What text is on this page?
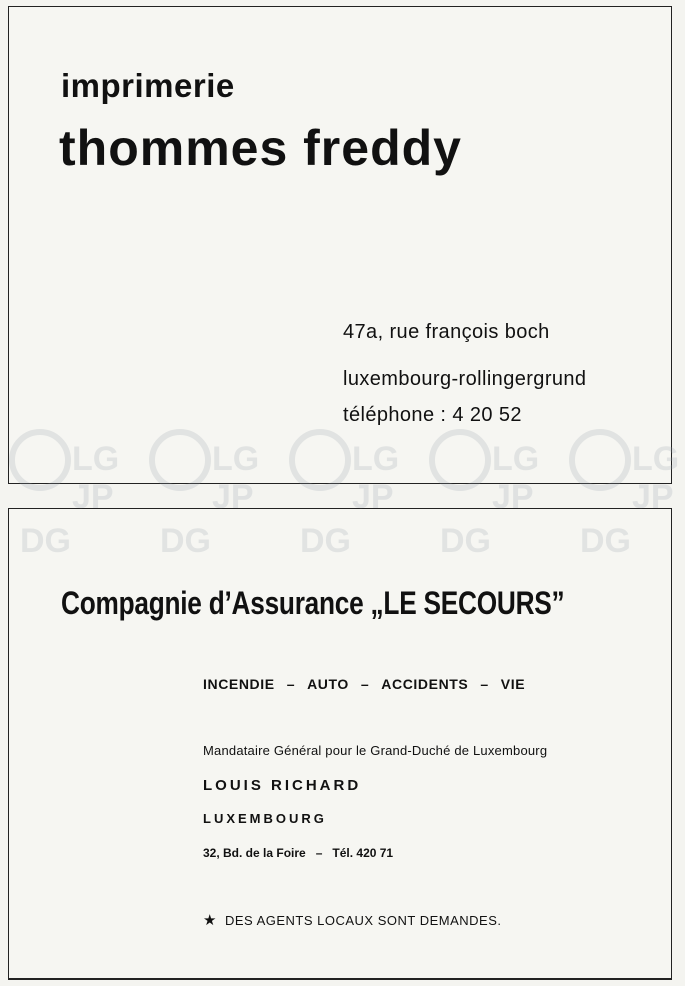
imprimerie
thommes freddy
47a, rue françois boch
luxembourg-rollingergrund
téléphone : 4 20 52
Compagnie d’Assurance „LE SECOURS”
INCENDIE – AUTO – ACCIDENTS – VIE
Mandataire Général pour le Grand-Duché de Luxembourg
LOUIS RICHARD
LUXEMBOURG
32, Bd. de la Foire – Tél. 420 71
★ DES AGENTS LOCAUX SONT DEMANDES.
LG
JP
DG
LG
JP
DG
LG
JP
DG
LG
JP
DG
LG
JP
DG
